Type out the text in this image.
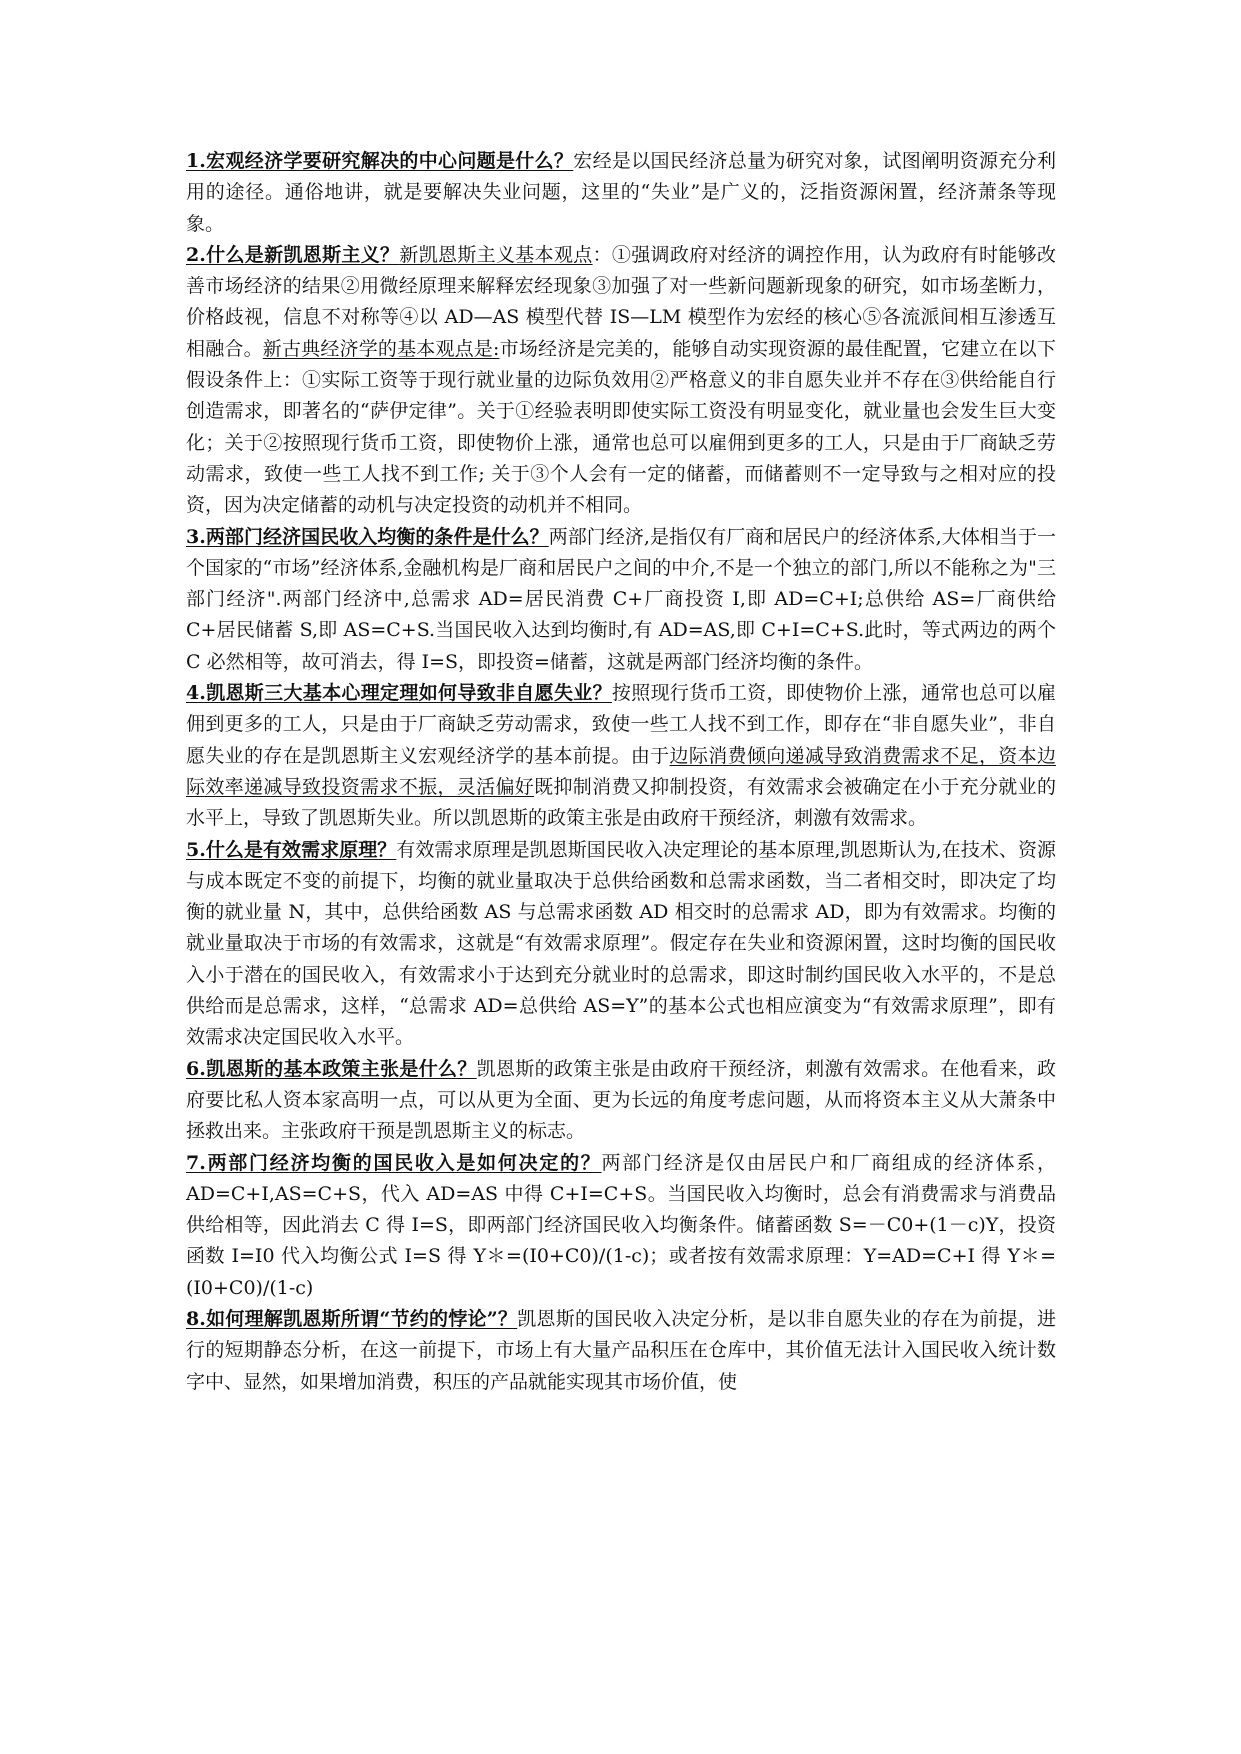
1.宏观经济学要研究解决的中心问题是什么？宏经是以国民经济总量为研究对象，试图阐明资源充分利用的途径。通俗地讲，就是要解决失业问题，这里的“失业”是广义的，泛指资源闲置，经济萧条等现象。

2.什么是新凯恩斯主义？新凯恩斯主义基本观点：①强调政府对经济的调控作用，认为政府有时能够改善市场经济的结果②用微经原理来解释宏经现象③加强了对一些新问题新现象的研究，如市场垄断力，价格歧视，信息不对称等④以 AD—AS 模型代替 IS—LM 模型作为宏经的核心⑤各流派间相互渗透互相融合。新古典经济学的基本观点是:市场经济是完美的，能够自动实现资源的最佳配置，它建立在以下假设条件上：①实际工资等于现行就业量的边际负效用②严格意义的非自愿失业并不存在③供给能自行创造需求，即著名的“萨伊定律”。关于①经验表明即使实际工资没有明显变化，就业量也会发生巨大变化；关于②按照现行货币工资，即使物价上涨，通常也总可以雇佣到更多的工人，只是由于厂商缺乏劳动需求，致使一些工人找不到工作; 关于③个人会有一定的储蓄，而储蓄则不一定导致与之相对应的投资，因为决定储蓄的动机与决定投资的动机并不相同。

3.两部门经济国民收入均衡的条件是什么？两部门经济,是指仅有厂商和居民户的经济体系,大体相当于一个国家的“市场”经济体系,金融机构是厂商和居民户之间的中介,不是一个独立的部门,所以不能称之为"三部门经济".两部门经济中,总需求 AD=居民消费 C+厂商投资 I,即 AD=C+I;总供给 AS=厂商供给 C+居民储蓄 S,即 AS=C+S.当国民收入达到均衡时,有 AD=AS,即 C+I=C+S.此时，等式两边的两个 C 必然相等，故可消去，得 I=S，即投资=储蓄，这就是两部门经济均衡的条件。

4.凯恩斯三大基本心理定理如何导致非自愿失业？按照现行货币工资，即使物价上涨，通常也总可以雇佣到更多的工人，只是由于厂商缺乏劳动需求，致使一些工人找不到工作，即存在“非自愿失业”，非自愿失业的存在是凯恩斯主义宏观经济学的基本前提。由于边际消费倾向递减导致消费需求不足，资本边际效率递减导致投资需求不振，灵活偏好既抑制消费又抑制投资，有效需求会被确定在小于充分就业的水平上，导致了凯恩斯失业。所以凯恩斯的政策主张是由政府干预经济，刺激有效需求。

5.什么是有效需求原理？有效需求原理是凯恩斯国民收入决定理论的基本原理,凯恩斯认为,在技术、资源与成本既定不变的前提下，均衡的就业量取决于总供给函数和总需求函数，当二者相交时，即决定了均衡的就业量 N，其中，总供给函数 AS 与总需求函数 AD 相交时的总需求 AD，即为有效需求。均衡的就业量取决于市场的有效需求，这就是“有效需求原理”。假定存在失业和资源闲置，这时均衡的国民收入小于潜在的国民收入，有效需求小于达到充分就业时的总需求，即这时制约国民收入水平的，不是总供给而是总需求，这样，“总需求 AD=总供给 AS=Y”的基本公式也相应演变为“有效需求原理”，即有效需求决定国民收入水平。

6.凯恩斯的基本政策主张是什么？凯恩斯的政策主张是由政府干预经济，刺激有效需求。在他看来，政府要比私人资本家高明一点，可以从更为全面、更为长远的角度考虑问题，从而将资本主义从大萧条中拯救出来。主张政府干预是凯恩斯主义的标志。

7.两部门经济均衡的国民收入是如何决定的？两部门经济是仅由居民户和厂商组成的经济体系，AD=C+I,AS=C+S，代入 AD=AS 中得 C+I=C+S。当国民收入均衡时，总会有消费需求与消费品供给相等，因此消去 C 得 I=S，即两部门经济国民收入均衡条件。储蓄函数 S=－C0+(1－c)Y，投资函数 I=I0 代入均衡公式 I=S 得 Y＊=(I0+C0)/(1-c)；或者按有效需求原理：Y=AD=C+I 得 Y＊=(I0+C0)/(1-c)

8.如何理解凯恩斯所谓“节约的悖论”？凯恩斯的国民收入决定分析，是以非自愿失业的存在为前提，进行的短期静态分析，在这一前提下，市场上有大量产品积压在仓库中，其价值无法计入国民收入统计数字中、显然，如果增加消费，积压的产品就能实现其市场价值，使
